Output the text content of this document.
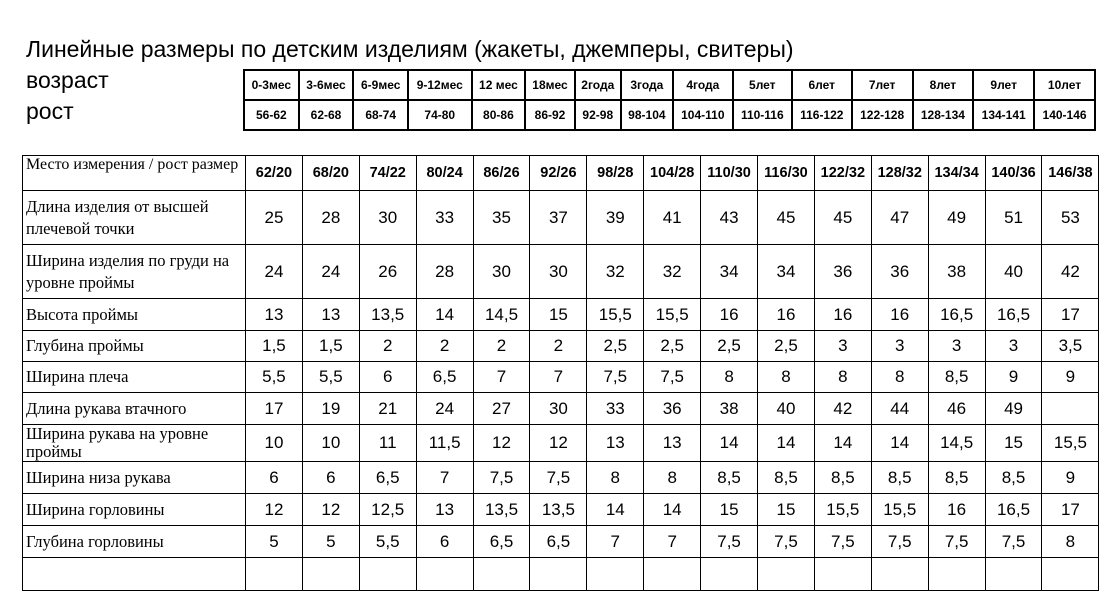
Линейные размеры по детским изделиям (жакеты, джемперы, свитеры)
возраст
рост
0-3мес	3-6мес	6-9мес	9-12мес	12 мес	18мес	2года	3года	4года	5лет	6лет	7лет	8лет	9лет	10лет
56-62	62-68	68-74	74-80	80-86	86-92	92-98	98-104	104-110	110-116	116-122	122-128	128-134	134-141	140-146
Место измерения / рост размер	62/20	68/20	74/22	80/24	86/26	92/26	98/28	104/28	110/30	116/30	122/32	128/32	134/34	140/36	146/38
Длина изделия от высшей плечевой точки	25	28	30	33	35	37	39	41	43	45	45	47	49	51	53
Ширина изделия по груди на уровне проймы	24	24	26	28	30	30	32	32	34	34	36	36	38	40	42
Высота проймы	13	13	13,5	14	14,5	15	15,5	15,5	16	16	16	16	16,5	16,5	17
Глубина проймы	1,5	1,5	2	2	2	2	2,5	2,5	2,5	2,5	3	3	3	3	3,5
Ширина плеча	5,5	5,5	6	6,5	7	7	7,5	7,5	8	8	8	8	8,5	9	9
Длина рукава втачного	17	19	21	24	27	30	33	36	38	40	42	44	46	49	
Ширина рукава на уровне проймы	10	10	11	11,5	12	12	13	13	14	14	14	14	14,5	15	15,5
Ширина низа рукава	6	6	6,5	7	7,5	7,5	8	8	8,5	8,5	8,5	8,5	8,5	8,5	9
Ширина горловины	12	12	12,5	13	13,5	13,5	14	14	15	15	15,5	15,5	16	16,5	17
Глубина горловины	5	5	5,5	6	6,5	6,5	7	7	7,5	7,5	7,5	7,5	7,5	7,5	8
